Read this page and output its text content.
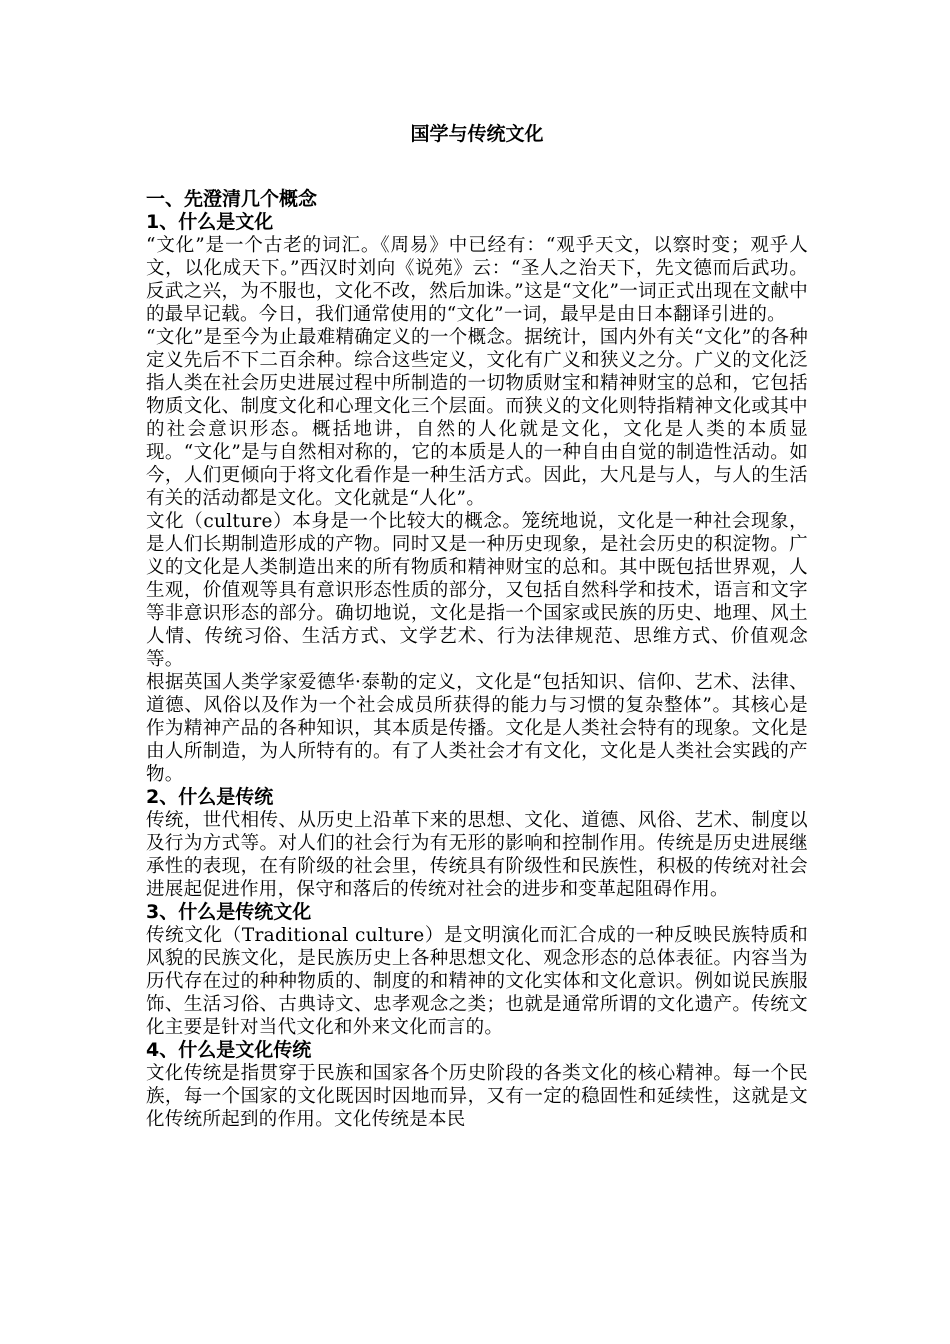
国学与传统文化
一、先澄清几个概念
1、什么是文化

“文化”是一个古老的词汇。《周易》中已经有：“观乎天文，以察时变；观乎人文，以化成天下。”西汉时刘向《说苑》云：“圣人之治天下，先文德而后武功。反武之兴，为不服也，文化不改，然后加诛。”这是“文化”一词正式出现在文献中的最早记载。今日，我们通常使用的“文化”一词，最早是由日本翻译引进的。

“文化”是至今为止最难精确定义的一个概念。据统计，国内外有关“文化”的各种定义先后不下二百余种。综合这些定义，文化有广义和狭义之分。广义的文化泛指人类在社会历史进展过程中所制造的一切物质财宝和精神财宝的总和，它包括物质文化、制度文化和心理文化三个层面。而狭义的文化则特指精神文化或其中的社会意识形态。概括地讲，自然的人化就是文化，文化是人类的本质显现。“文化”是与自然相对称的，它的本质是人的一种自由自觉的制造性活动。如今，人们更倾向于将文化看作是一种生活方式。因此，大凡是与人，与人的生活有关的活动都是文化。文化就是“人化”。

文化（culture）本身是一个比较大的概念。笼统地说，文化是一种社会现象，是人们长期制造形成的产物。同时又是一种历史现象，是社会历史的积淀物。广义的文化是人类制造出来的所有物质和精神财宝的总和。其中既包括世界观，人生观，价值观等具有意识形态性质的部分，又包括自然科学和技术，语言和文字等非意识形态的部分。确切地说，文化是指一个国家或民族的历史、地理、风土人情、传统习俗、生活方式、文学艺术、行为法律规范、思维方式、价值观念等。

根据英国人类学家爱德华·泰勒的定义，文化是“包括知识、信仰、艺术、法律、道德、风俗以及作为一个社会成员所获得的能力与习惯的复杂整体”。其核心是作为精神产品的各种知识，其本质是传播。文化是人类社会特有的现象。文化是由人所制造，为人所特有的。有了人类社会才有文化，文化是人类社会实践的产物。

2、什么是传统

传统，世代相传、从历史上沿革下来的思想、文化、道德、风俗、艺术、制度以及行为方式等。对人们的社会行为有无形的影响和控制作用。传统是历史进展继承性的表现，在有阶级的社会里，传统具有阶级性和民族性，积极的传统对社会进展起促进作用，保守和落后的传统对社会的进步和变革起阻碍作用。

3、什么是传统文化

传统文化（Traditional culture）是文明演化而汇合成的一种反映民族特质和风貌的民族文化，是民族历史上各种思想文化、观念形态的总体表征。内容当为历代存在过的种种物质的、制度的和精神的文化实体和文化意识。例如说民族服饰、生活习俗、古典诗文、忠孝观念之类；也就是通常所谓的文化遗产。传统文化主要是针对当代文化和外来文化而言的。

4、什么是文化传统

文化传统是指贯穿于民族和国家各个历史阶段的各类文化的核心精神。每一个民族，每一个国家的文化既因时因地而异，又有一定的稳固性和延续性，这就是文化传统所起到的作用。文化传统是本民
